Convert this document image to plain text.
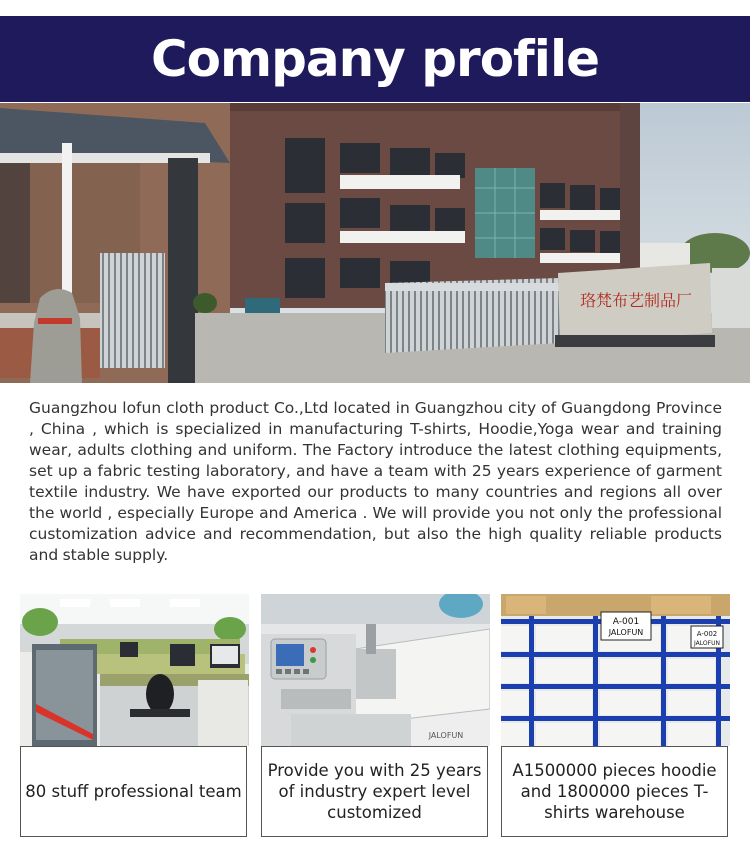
Company profile
珞梵布艺制品厂

Guangzhou lofun cloth product Co.,Ltd located in Guangzhou city of Guangdong Province , China , which is specialized in manufacturing T-shirts, Hoodie,Yoga wear and training wear, adults clothing and uniform. The Factory introduce the latest clothing equipments, set up a fabric testing laboratory, and have a team with 25 years experience of garment textile industry. We have exported our products to many countries and regions all over the world , especially Europe and America . We will provide you not only the professional customization advice and recommendation, but also the high quality reliable products and stable supply.

80 stuff professional team
JALOFUN
Provide you with 25 years of industry expert level customized
A-001
JALOFUN	A-002
JALOFUN
A1500000 pieces hoodie and 1800000 pieces T-shirts warehouse
